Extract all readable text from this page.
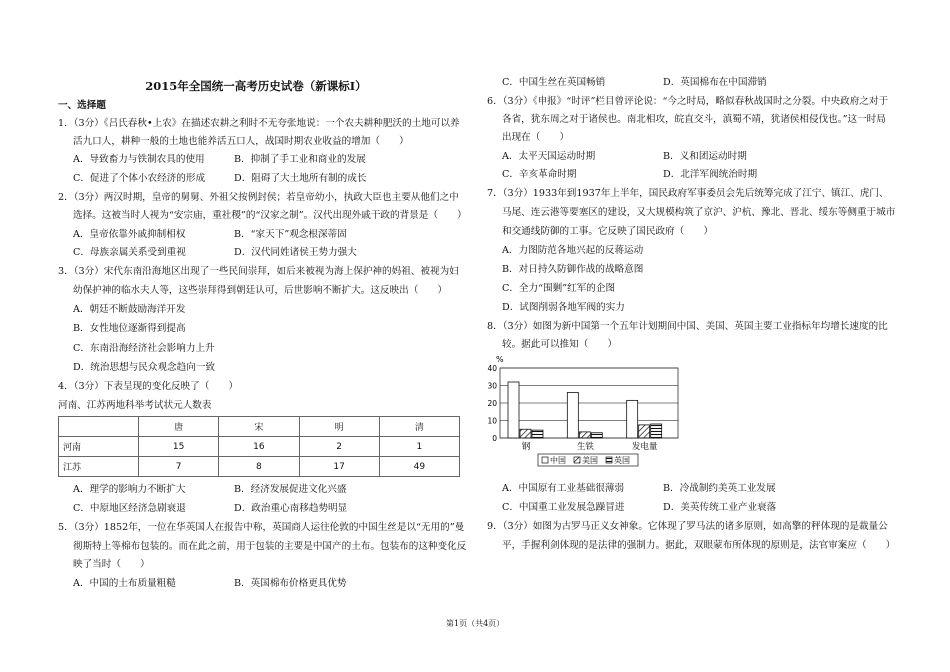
2015年全国统一高考历史试卷（新课标Ⅰ）
一、选择题
1．（3分）《吕氏春秋•上农》在描述农耕之利时不无夸张地说：一个农夫耕种肥沃的土地可以养
活九口人，耕种一般的土地也能养活五口人，战国时期农业收益的增加（　　）
A．导致畜力与铁制农具的使用	B．抑制了手工业和商业的发展
C．促进了个体小农经济的形成	D．阻碍了大土地所有制的成长
2．（3分）两汉时期，皇帝的舅舅、外祖父按例封侯；若皇帝幼小，执政大臣也主要从他们之中
选择。这被当时人视为“安宗庙，重社稷”的“汉家之制”。汉代出现外戚干政的背景是（　　）
A．皇帝依靠外戚抑制相权	B．“家天下”观念根深蒂固
C．母族亲属关系受到重视	D．汉代同姓诸侯王势力强大
3．（3分）宋代东南沿海地区出现了一些民间崇拜，如后来被视为海上保护神的妈祖、被视为妇
幼保护神的临水夫人等，这些崇拜得到朝廷认可，后世影响不断扩大。这反映出（　　）
A．朝廷不断鼓励海洋开发
B．女性地位逐渐得到提高
C．东南沿海经济社会影响力上升
D．统治思想与民众观念趋向一致
4．（3分）下表呈现的变化反映了（　　）
河南、江苏两地科举考试状元人数表
	唐	宋	明	清
河南	15	16	2	1
江苏	7	8	17	49
A．理学的影响力不断扩大	B．经济发展促进文化兴盛
C．中原地区经济急剧衰退	D．政治重心南移趋势明显
5．（3分）1852年，一位在华英国人在报告中称，英国商人运往伦敦的中国生丝是以“无用的”曼
彻斯特上等棉布包装的。而在此之前，用于包装的主要是中国产的土布。包装布的这种变化反
映了当时（　　）
A．中国的土布质量粗糙	B．英国棉布价格更具优势
C．中国生丝在英国畅销	D．英国棉布在中国滞销
6．（3分）《申报》“时评”栏目曾评论说：“今之时局，略似春秋战国时之分裂。中央政府之对于
各省，犹东周之对于诸侯也。南北相攻，皖直交斗，滇蜀不靖，犹诸侯相侵伐也。”这一时局
出现在（　　）
A．太平天国运动时期	B．义和团运动时期
C．辛亥革命时期	D．北洋军阀统治时期
7．（3分）1933年到1937年上半年，国民政府军事委员会先后统筹完成了江宁、镇江、虎门、
马尾、连云港等要塞区的建设，又大规模构筑了京沪、沪杭、豫北、晋北、绥东等侧重于城市
和交通线防御的工事。它反映了国民政府（　　）
A．力图防范各地兴起的反蒋运动
B．对日持久防御作战的战略意图
C．全力“围剿”红军的企图
D．试图削弱各地军阀的实力
8．（3分）如图为新中国第一个五年计划期间中国、美国、英国主要工业指标年均增长速度的比
较。据此可以推知（　　）
%
0
10
20
30
40
钢	生铁	发电量
中国 美国 英国
A．中国原有工业基础很薄弱	B．冷战制约美英工业发展
C．中国重工业发展急躁冒进	D．美英传统工业产业衰落
9．（3分）如图为古罗马正义女神象。它体现了罗马法的诸多原则，如高擎的秤体现的是裁量公
平，手握利剑体现的是法律的强制力。据此，双眼蒙布所体现的原则是，法官审案应（　　）
第1页（共4页）
